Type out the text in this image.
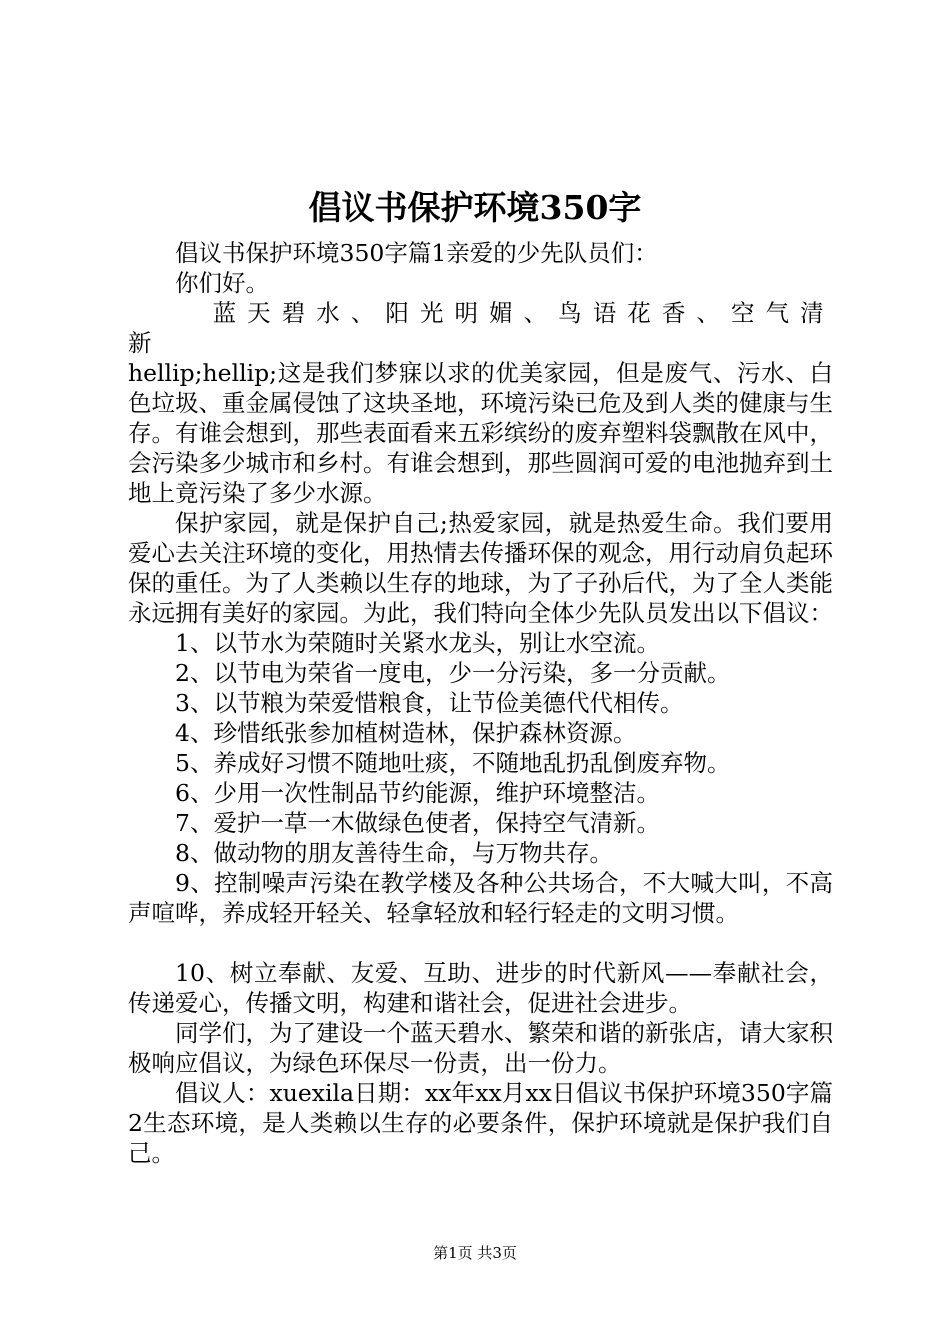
倡议书保护环境350字

倡议书保护环境350字篇1亲爱的少先队员们：

你们好。

蓝天碧水、阳光明媚、鸟语花香、空气清新

hellip;hellip;这是我们梦寐以求的优美家园，但是废气、污水、白色垃圾、重金属侵蚀了这块圣地，环境污染已危及到人类的健康与生存。有谁会想到，那些表面看来五彩缤纷的废弃塑料袋飘散在风中，会污染多少城市和乡村。有谁会想到，那些圆润可爱的电池抛弃到土地上竟污染了多少水源。

保护家园，就是保护自己;热爱家园，就是热爱生命。我们要用爱心去关注环境的变化，用热情去传播环保的观念，用行动肩负起环保的重任。为了人类赖以生存的地球，为了子孙后代，为了全人类能永远拥有美好的家园。为此，我们特向全体少先队员发出以下倡议：

1、以节水为荣随时关紧水龙头，别让水空流。

2、以节电为荣省一度电，少一分污染，多一分贡献。

3、以节粮为荣爱惜粮食，让节俭美德代代相传。

4、珍惜纸张参加植树造林，保护森林资源。

5、养成好习惯不随地吐痰，不随地乱扔乱倒废弃物。

6、少用一次性制品节约能源，维护环境整洁。

7、爱护一草一木做绿色使者，保持空气清新。

8、做动物的朋友善待生命，与万物共存。

9、控制噪声污染在教学楼及各种公共场合，不大喊大叫，不高声喧哗，养成轻开轻关、轻拿轻放和轻行轻走的文明习惯。

10、树立奉献、友爱、互助、进步的时代新风——奉献社会，传递爱心，传播文明，构建和谐社会，促进社会进步。

同学们，为了建设一个蓝天碧水、繁荣和谐的新张店，请大家积极响应倡议，为绿色环保尽一份责，出一份力。

倡议人：xuexila日期：xx年xx月xx日倡议书保护环境350字篇2生态环境，是人类赖以生存的必要条件，保护环境就是保护我们自己。

第1页 共3页
